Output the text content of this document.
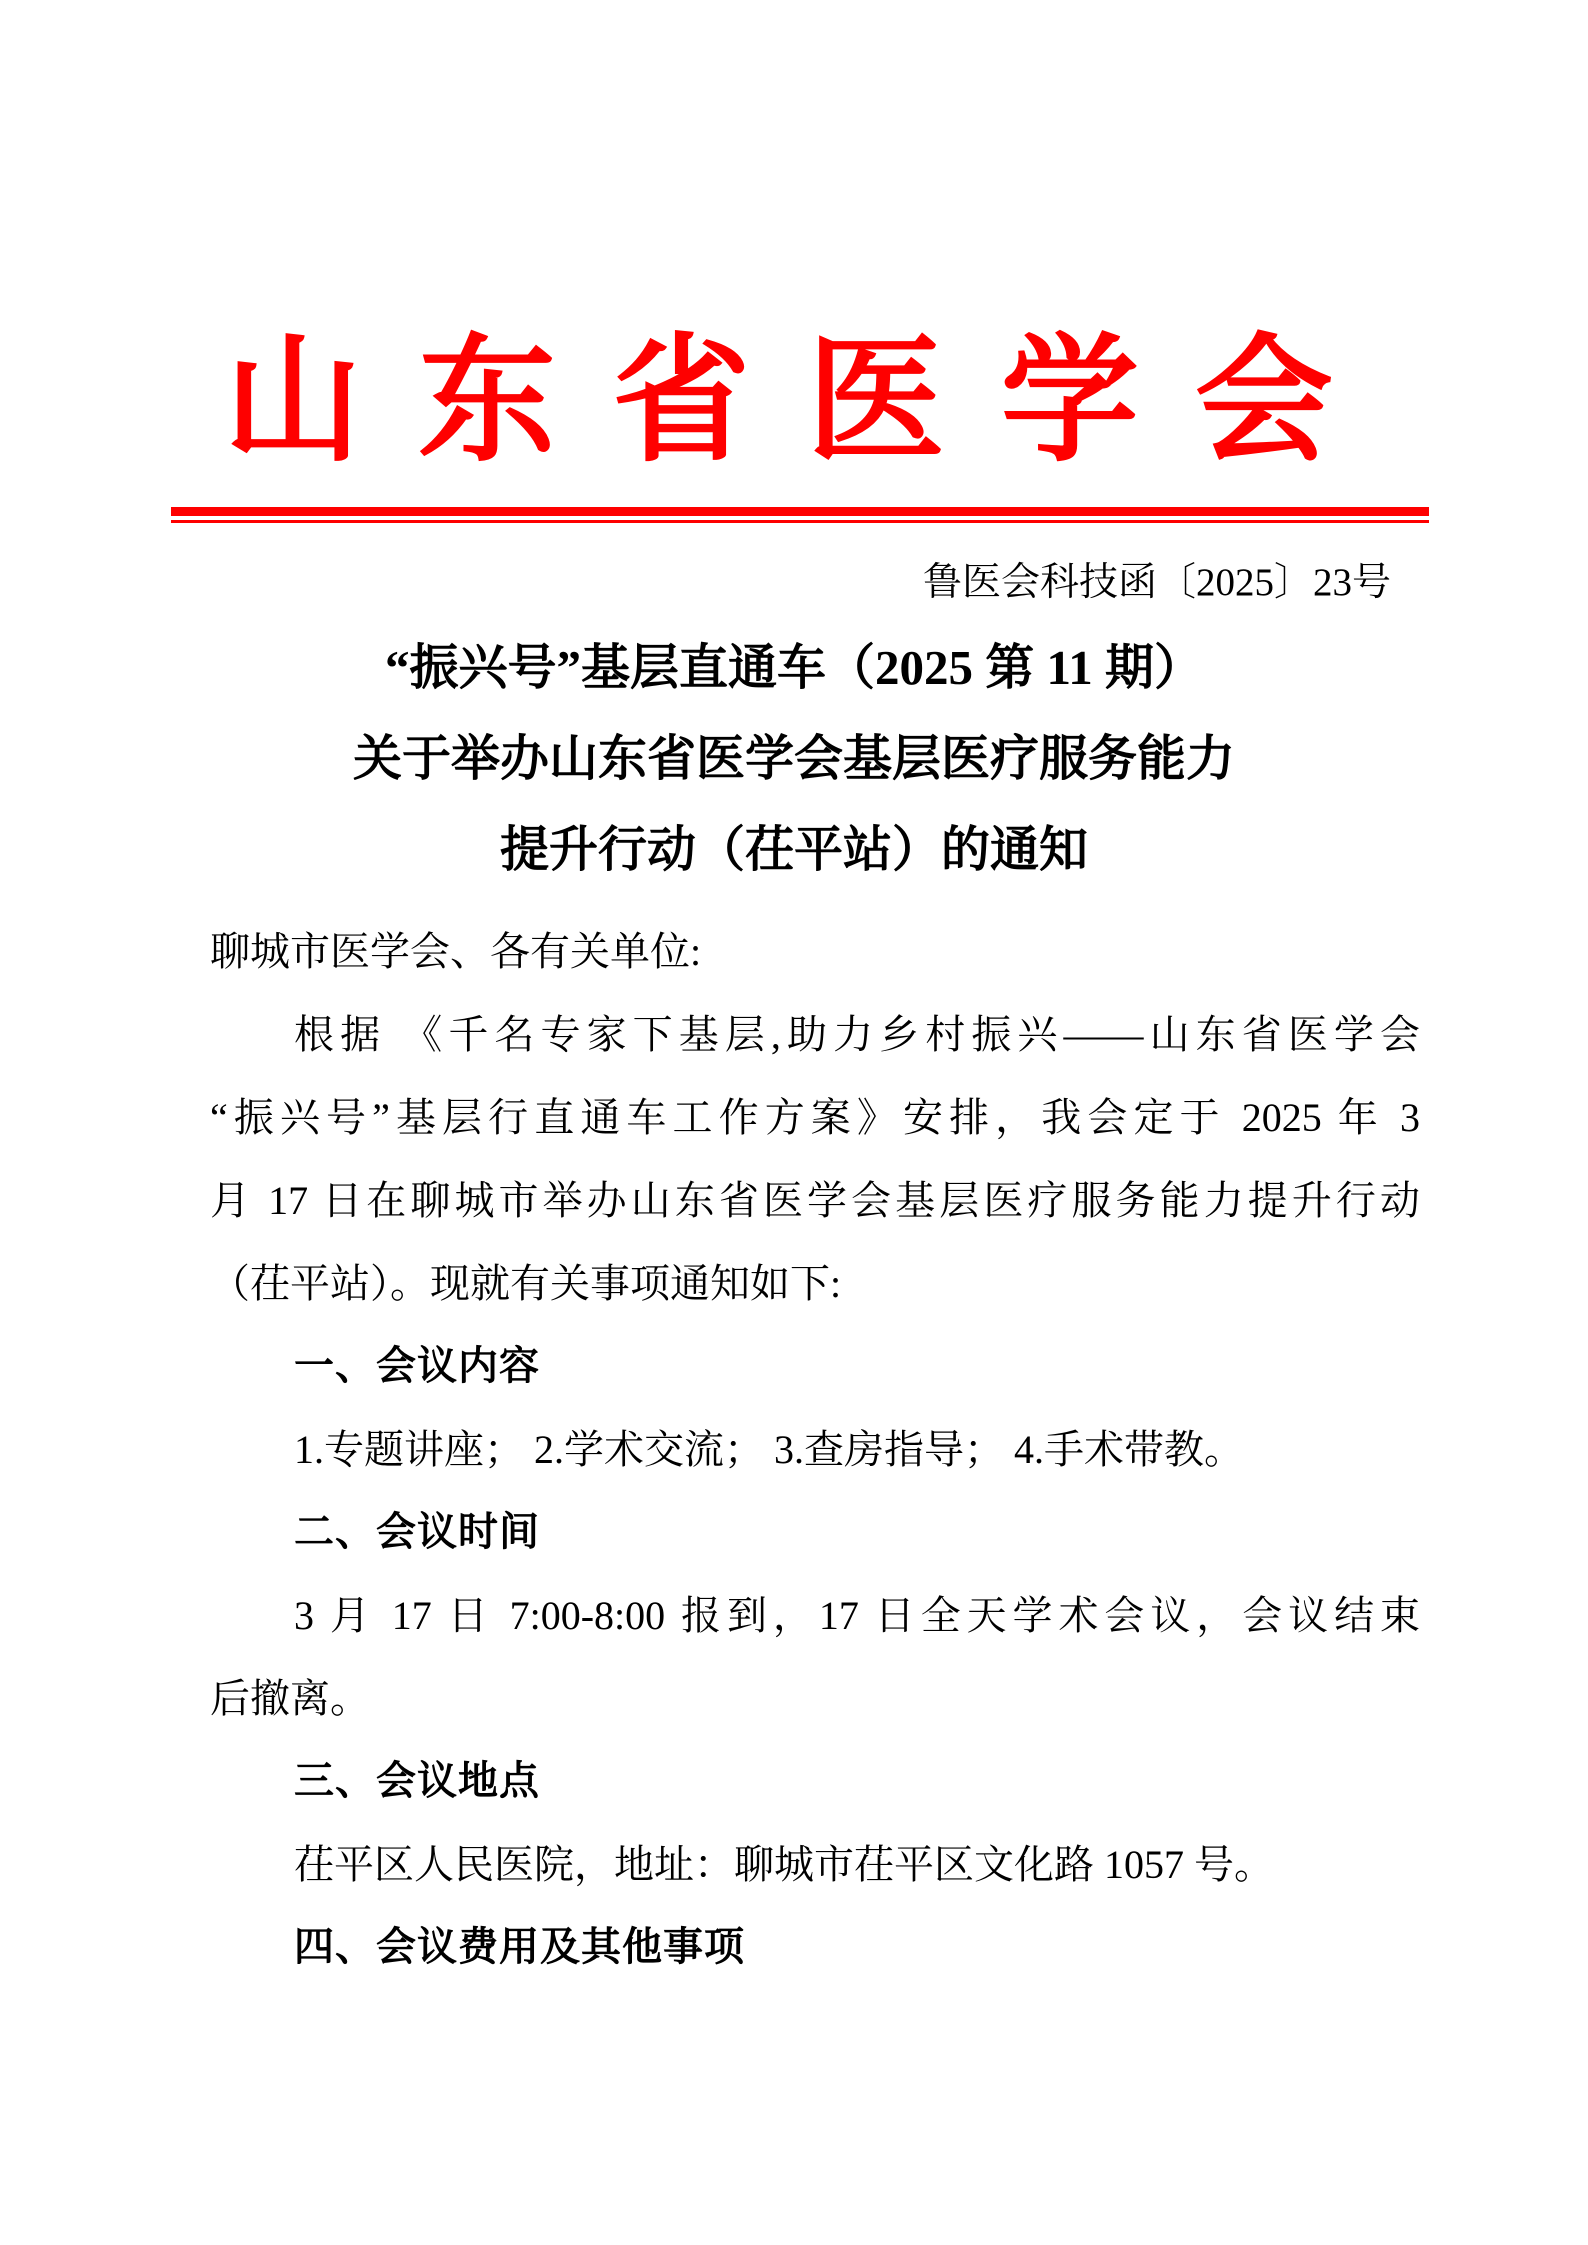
山 东 省 医 学 会
鲁医会科技函〔2025〕23号
“振兴号”基层直通车（2025 第 11 期）
关于举办山东省医学会基层医疗服务能力
提升行动（茌平站）的通知
聊城市医学会、各有关单位:
根据 《千名专家下基层,助力乡村振兴——山东省医学会
“振兴号”基层行直通车工作方案》安排，我会定于 2025 年 3
月 17 日在聊城市举办山东省医学会基层医疗服务能力提升行动
（茌平站）。现就有关事项通知如下:
一、会议内容
1.专题讲座； 2.学术交流； 3.查房指导； 4.手术带教。
二、会议时间
3 月 17 日 7:00-8:00 报到，17 日全天学术会议，会议结束
后撤离。
三、会议地点
茌平区人民医院，地址：聊城市茌平区文化路 1057 号。
四、会议费用及其他事项
